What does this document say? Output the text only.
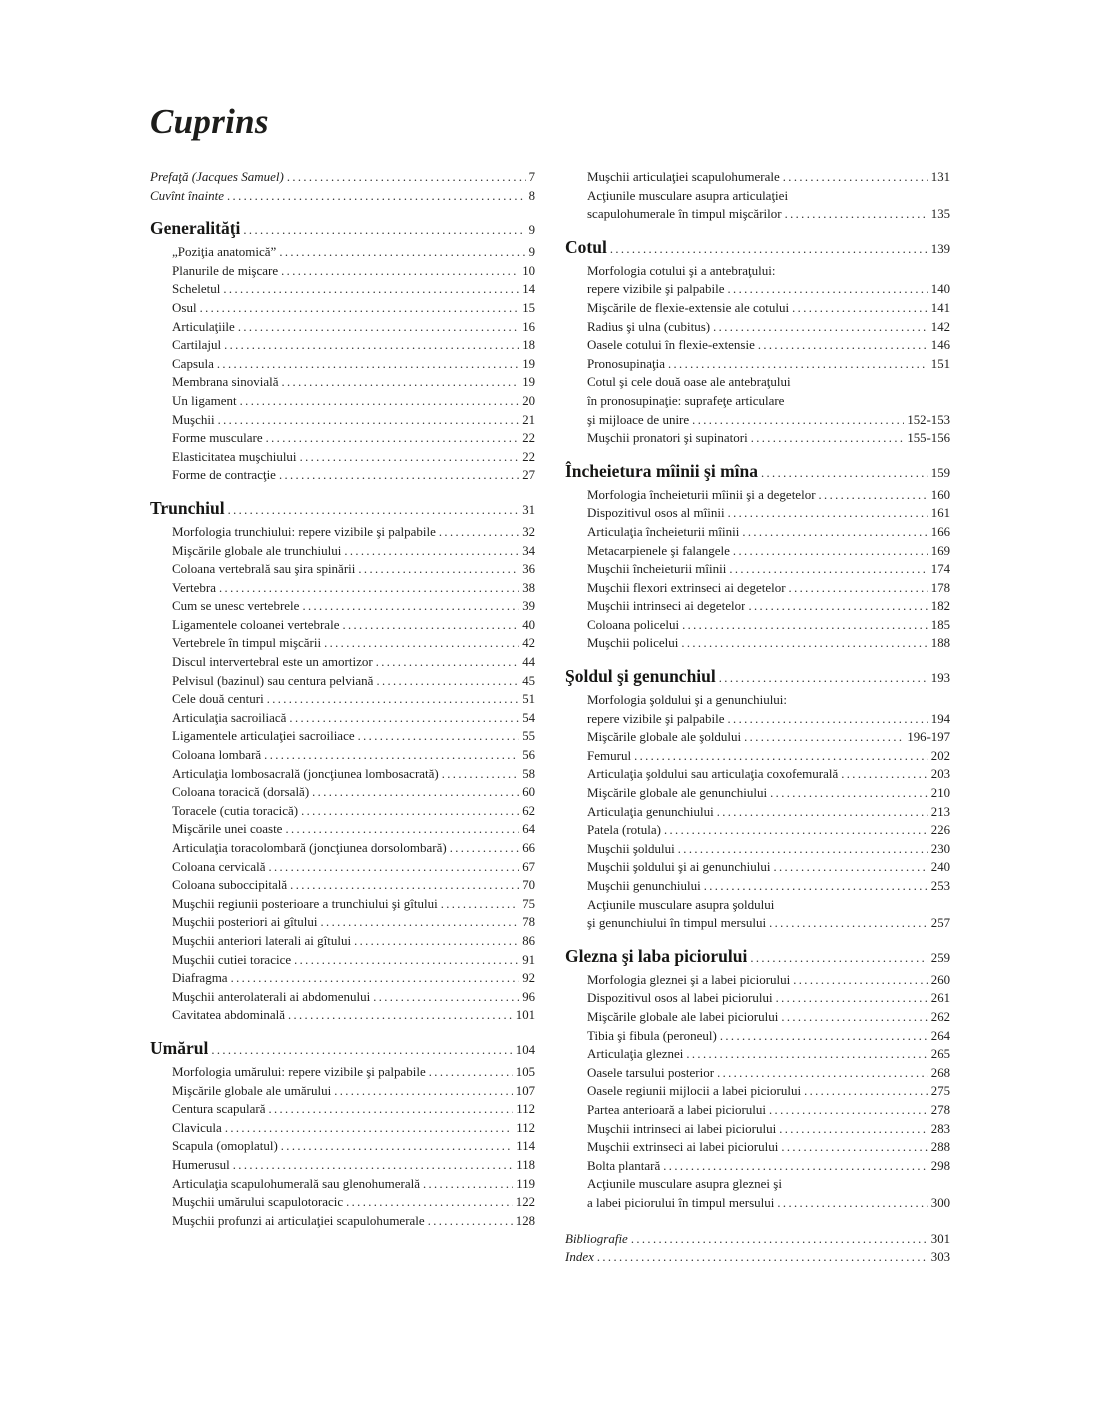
Cuprins
Prefaţă (Jacques Samuel) .....	7
Cuvînt înainte .....	8
Generalităţi .....	9
„Poziţia anatomică” .....	9
Planurile de mişcare .....	10
Scheletul .....	14
Osul .....	15
Articulaţiile .....	16
Cartilajul .....	18
Capsula .....	19
Membrana sinovială .....	19
Un ligament .....	20
Muşchii .....	21
Forme musculare .....	22
Elasticitatea muşchiului .....	22
Forme de contracţie .....	27
Trunchiul .....	31
Morfologia trunchiului: repere vizibile şi palpabile .....	32
Mişcările globale ale trunchiului .....	34
Coloana vertebrală sau şira spinării .....	36
Vertebra .....	38
Cum se unesc vertebrele .....	39
Ligamentele coloanei vertebrale .....	40
Vertebrele în timpul mişcării .....	42
Discul intervertebral este un amortizor .....	44
Pelvisul (bazinul) sau centura pelviană .....	45
Cele două centuri .....	51
Articulaţia sacroiliacă .....	54
Ligamentele articulaţiei sacroiliace .....	55
Coloana lombară .....	56
Articulaţia lombosacrală (joncţiunea lombosacrată) .....	58
Coloana toracică (dorsală) .....	60
Toracele (cutia toracică) .....	62
Mişcările unei coaste .....	64
Articulaţia toracolombară (joncţiunea dorsolombară) .....	66
Coloana cervicală .....	67
Coloana suboccipitală .....	70
Muşchii regiunii posterioare a trunchiului şi gîtului .....	75
Muşchii posteriori ai gîtului .....	78
Muşchii anteriori laterali ai gîtului .....	86
Muşchii cutiei toracice .....	91
Diafragma .....	92
Muşchii anterolaterali ai abdomenului .....	96
Cavitatea abdominală .....	101
Umărul .....	104
Morfologia umărului: repere vizibile şi palpabile .....	105
Mişcările globale ale umărului .....	107
Centura scapulară .....	112
Clavicula .....	112
Scapula (omoplatul) .....	114
Humerusul .....	118
Articulaţia scapulohumerală sau glenohumerală .....	119
Muşchii umărului scapulotoracic .....	122
Muşchii profunzi ai articulaţiei scapulohumerale .....	128
Muşchii articulaţiei scapulohumerale .....	131
Acţiunile musculare asupra articulaţiei
scapulohumerale în timpul mişcărilor .....	135
Cotul .....	139
Morfologia cotului şi a antebraţului:
repere vizibile şi palpabile .....	140
Mişcările de flexie-extensie ale cotului .....	141
Radius şi ulna (cubitus) .....	142
Oasele cotului în flexie-extensie .....	146
Pronosupinaţia .....	151
Cotul şi cele două oase ale antebraţului
în pronosupinaţie: suprafeţe articulare
şi mijloace de unire .....	152-153
Muşchii pronatori şi supinatori .....	155-156
Încheietura mîinii şi mîna .....	159
Morfologia încheieturii mîinii şi a degetelor .....	160
Dispozitivul osos al mîinii .....	161
Articulaţia încheieturii mîinii .....	166
Metacarpienele şi falangele .....	169
Muşchii încheieturii mîinii .....	174
Muşchii flexori extrinseci ai degetelor .....	178
Muşchii intrinseci ai degetelor .....	182
Coloana policelui .....	185
Muşchii policelui .....	188
Şoldul şi genunchiul .....	193
Morfologia şoldului şi a genunchiului:
repere vizibile şi palpabile .....	194
Mişcările globale ale şoldului .....	196-197
Femurul .....	202
Articulaţia şoldului sau articulaţia coxofemurală .....	203
Mişcările globale ale genunchiului .....	210
Articulaţia genunchiului .....	213
Patela (rotula) .....	226
Muşchii şoldului .....	230
Muşchii şoldului şi ai genunchiului .....	240
Muşchii genunchiului .....	253
Acţiunile musculare asupra şoldului
şi genunchiului în timpul mersului .....	257
Glezna şi laba piciorului .....	259
Morfologia gleznei şi a labei piciorului .....	260
Dispozitivul osos al labei piciorului .....	261
Mişcările globale ale labei piciorului .....	262
Tibia şi fibula (peroneul) .....	264
Articulaţia gleznei .....	265
Oasele tarsului posterior .....	268
Oasele regiunii mijlocii a labei piciorului .....	275
Partea anterioară a labei piciorului .....	278
Muşchii intrinseci ai labei piciorului .....	283
Muşchii extrinseci ai labei piciorului .....	288
Bolta plantară .....	298
Acţiunile musculare asupra gleznei şi
a labei piciorului în timpul mersului .....	300
Bibliografie .....	301
Index .....	303
